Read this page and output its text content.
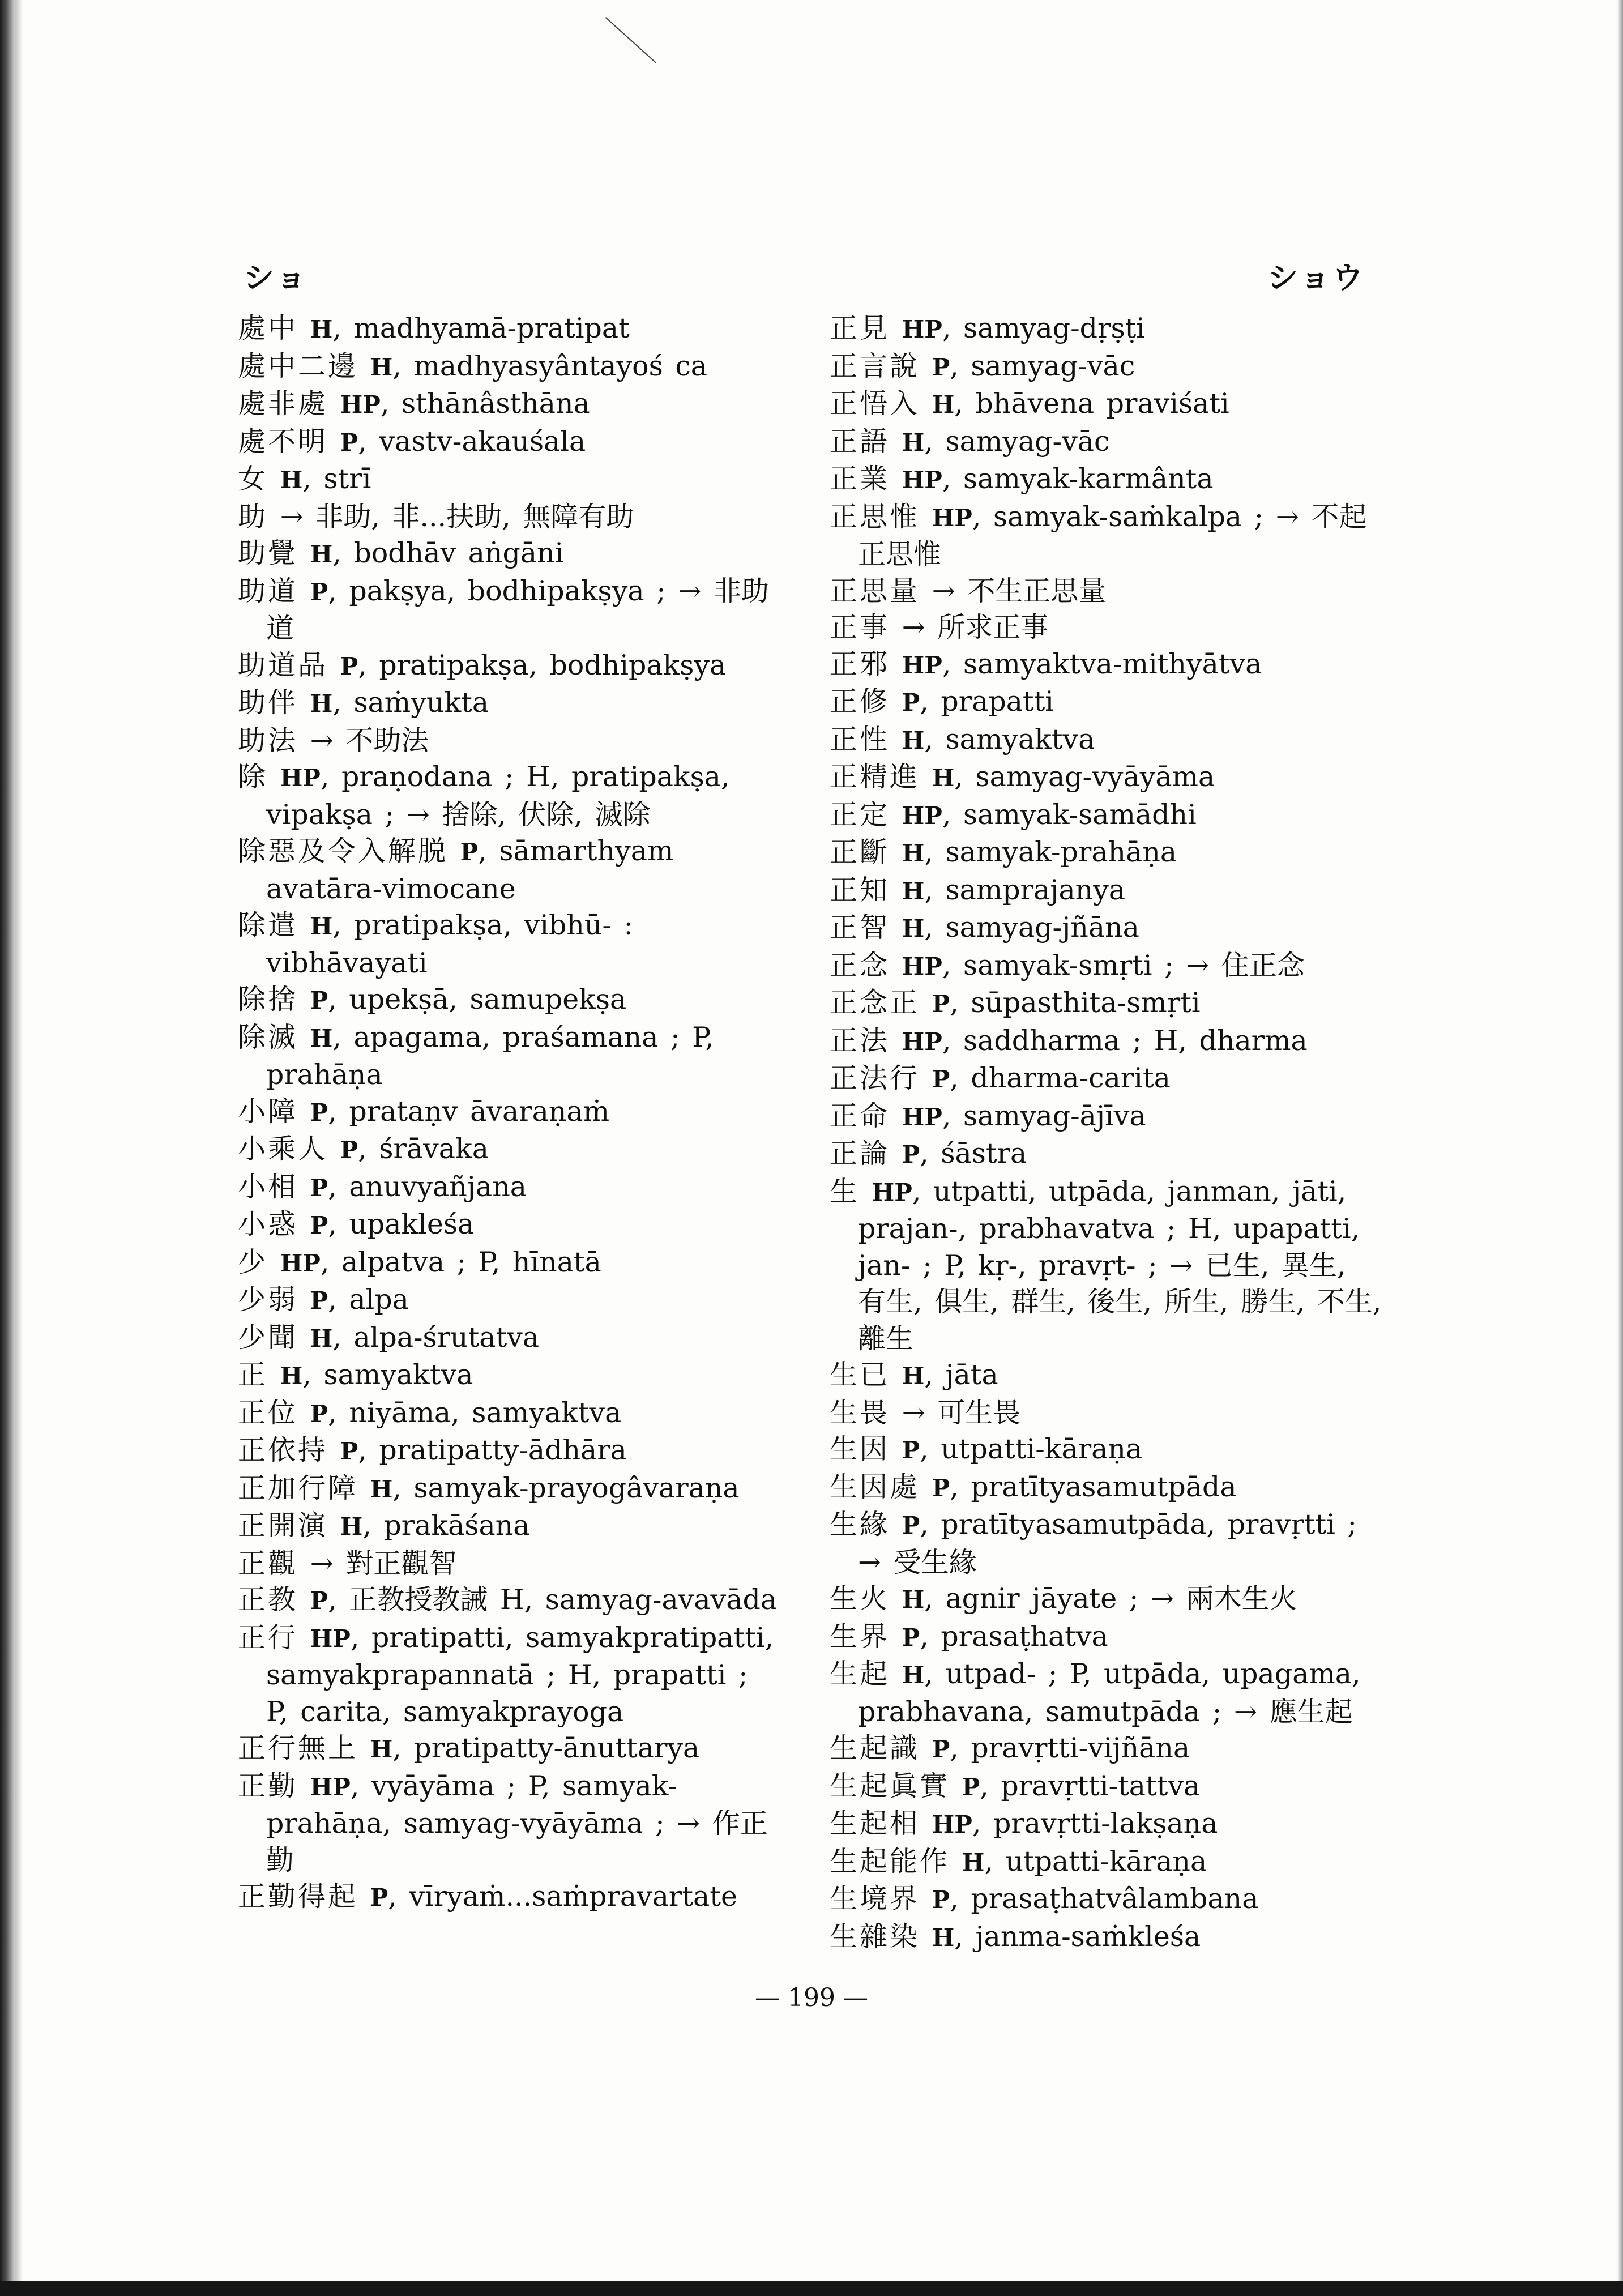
ショ	ショウ

處中 H, madhyamā-pratipat

處中二邊 H, madhyasyântayoś ca

處非處 HP, sthānâsthāna

處不明 P, vastv-akauśala

女 H, strī

助 → 非助, 非...扶助, 無障有助

助覺 H, bodhāv aṅgāni

助道 P, pakṣya, bodhipakṣya ; → 非助道

助道品 P, pratipakṣa, bodhipakṣya

助伴 H, saṁyukta

助法 → 不助法

除 HP, praṇodana ; H, pratipakṣa, vipakṣa ; → 捨除, 伏除, 滅除

除惡及令入解脱 P, sāmarthyam avatāra-vimocane

除遣 H, pratipakṣa, vibhū- : vibhāvayati

除捨 P, upekṣā, samupekṣa

除滅 H, apagama, praśamana ; P, prahāṇa

小障 P, prataṇv āvaraṇaṁ

小乘人 P, śrāvaka

小相 P, anuvyañjana

小惑 P, upakleśa

少 HP, alpatva ; P, hīnatā

少弱 P, alpa

少聞 H, alpa-śrutatva

正 H, samyaktva

正位 P, niyāma, samyaktva

正依持 P, pratipatty-ādhāra

正加行障 H, samyak-prayogâvaraṇa

正開演 H, prakāśana

正觀 → 對正觀智

正教 P, 正教授教誡 H, samyag-avavāda

正行 HP, pratipatti, samyakpratipatti, samyakprapannatā ; H, prapatti ; P, carita, samyakprayoga

正行無上 H, pratipatty-ānuttarya

正勤 HP, vyāyāma ; P, samyak-prahāṇa, samyag-vyāyāma ; → 作正勤

正勤得起 P, vīryaṁ...saṁpravartate

正見 HP, samyag-dṛṣṭi

正言說 P, samyag-vāc

正悟入 H, bhāvena praviśati

正語 H, samyag-vāc

正業 HP, samyak-karmânta

正思惟 HP, samyak-saṁkalpa ; → 不起正思惟

正思量 → 不生正思量

正事 → 所求正事

正邪 HP, samyaktva-mithyātva

正修 P, prapatti

正性 H, samyaktva

正精進 H, samyag-vyāyāma

正定 HP, samyak-samādhi

正斷 H, samyak-prahāṇa

正知 H, samprajanya

正智 H, samyag-jñāna

正念 HP, samyak-smṛti ; → 住正念

正念正 P, sūpasthita-smṛti

正法 HP, saddharma ; H, dharma

正法行 P, dharma-carita

正命 HP, samyag-ājīva

正論 P, śāstra

生 HP, utpatti, utpāda, janman, jāti, prajan-, prabhavatva ; H, upapatti, jan- ; P, kṛ-, pravṛt- ; → 已生, 異生, 有生, 俱生, 群生, 後生, 所生, 勝生, 不生, 離生

生已 H, jāta

生畏 → 可生畏

生因 P, utpatti-kāraṇa

生因處 P, pratītyasamutpāda

生緣 P, pratītyasamutpāda, pravṛtti ; → 受生緣

生火 H, agnir jāyate ; → 兩木生火

生界 P, prasaṭhatva

生起 H, utpad- ; P, utpāda, upagama, prabhavana, samutpāda ; → 應生起

生起識 P, pravṛtti-vijñāna

生起眞實 P, pravṛtti-tattva

生起相 HP, pravṛtti-lakṣaṇa

生起能作 H, utpatti-kāraṇa

生境界 P, prasaṭhatvâlambana

生雜染 H, janma-saṁkleśa

— 199 —
